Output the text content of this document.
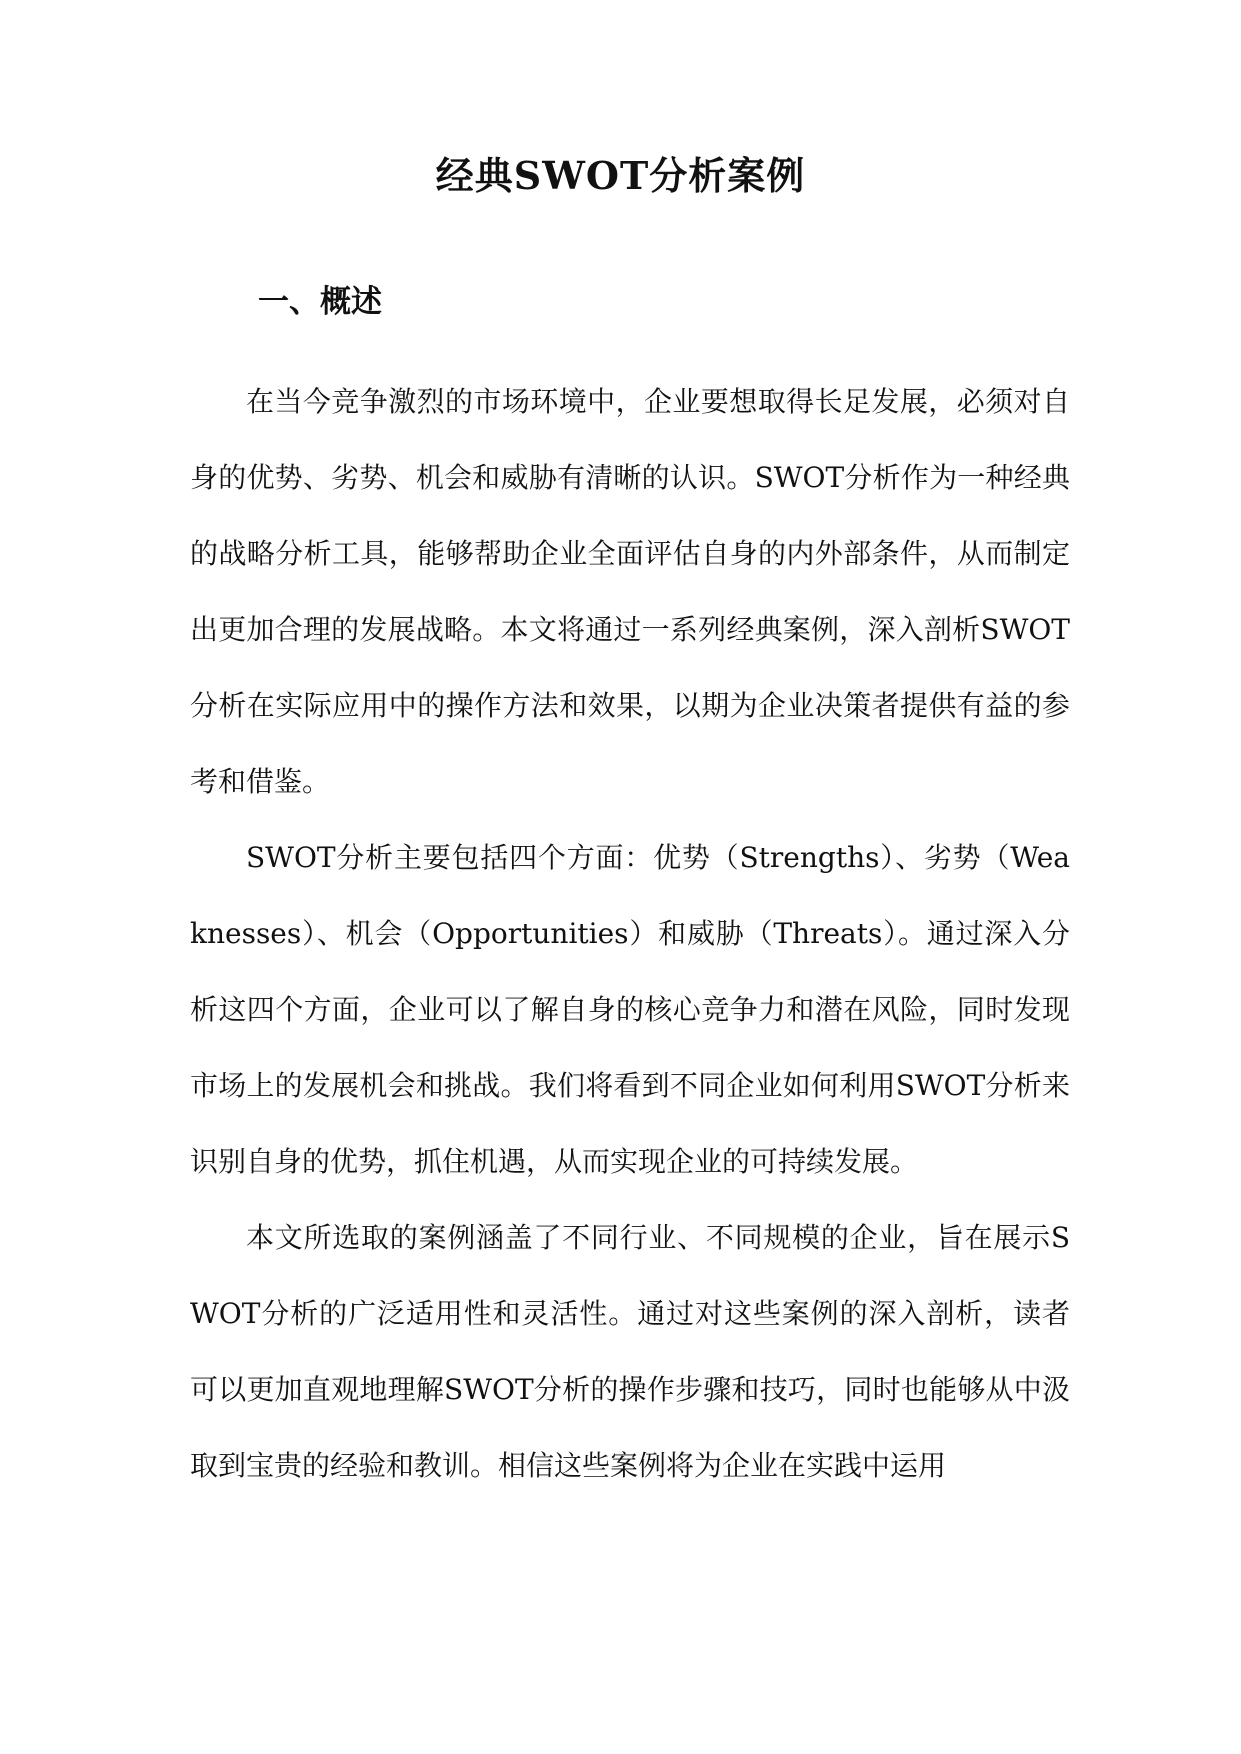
经典SWOT分析案例
一、概述

在当今竞争激烈的市场环境中，企业要想取得长足发展，必须对自身的优势、劣势、机会和威胁有清晰的认识。SWOT分析作为一种经典的战略分析工具，能够帮助企业全面评估自身的内外部条件，从而制定出更加合理的发展战略。本文将通过一系列经典案例，深入剖析SWOT分析在实际应用中的操作方法和效果，以期为企业决策者提供有益的参考和借鉴。

SWOT分析主要包括四个方面：优势（Strengths）、劣势（Weaknesses）、机会（Opportunities）和威胁（Threats）。通过深入分析这四个方面，企业可以了解自身的核心竞争力和潜在风险，同时发现市场上的发展机会和挑战。我们将看到不同企业如何利用SWOT分析来识别自身的优势，抓住机遇，从而实现企业的可持续发展。

本文所选取的案例涵盖了不同行业、不同规模的企业，旨在展示SWOT分析的广泛适用性和灵活性。通过对这些案例的深入剖析，读者可以更加直观地理解SWOT分析的操作步骤和技巧，同时也能够从中汲取到宝贵的经验和教训。相信这些案例将为企业在实践中运用
